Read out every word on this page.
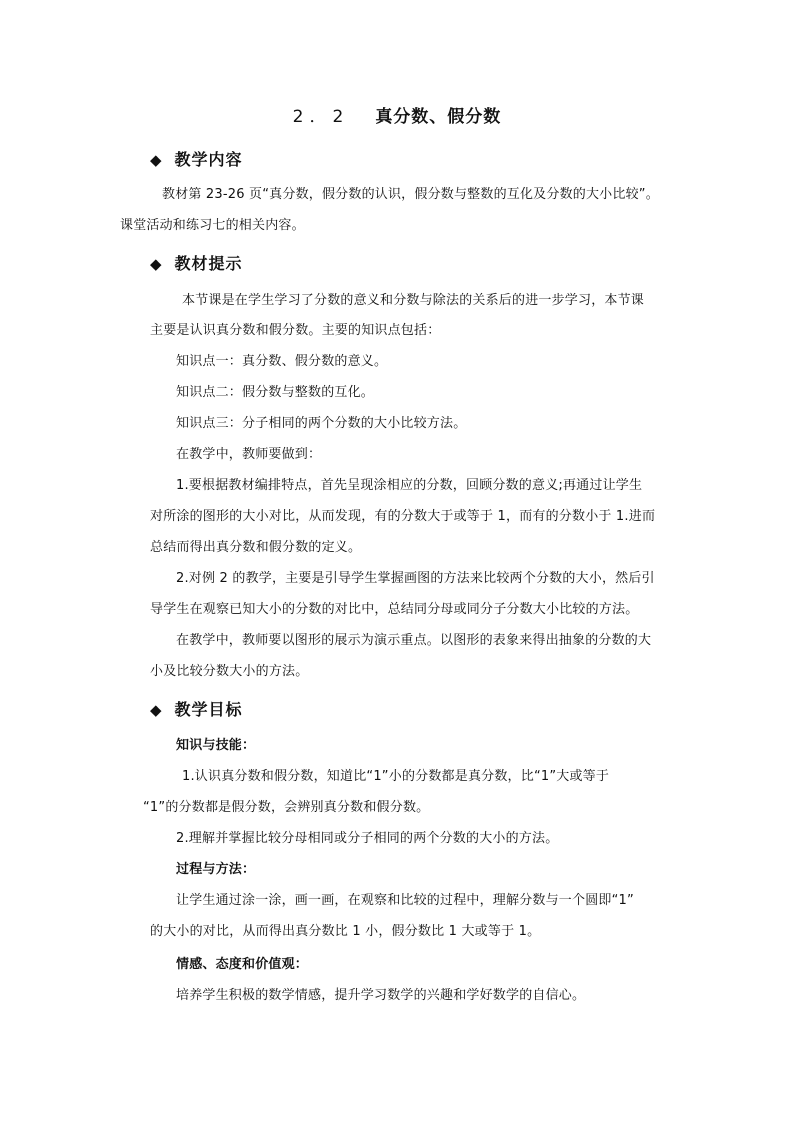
2．2 真分数、假分数
◆ 教学内容
教材第 23-26 页“真分数，假分数的认识，假分数与整数的互化及分数的大小比较”。
课堂活动和练习七的相关内容。
◆ 教材提示
本节课是在学生学习了分数的意义和分数与除法的关系后的进一步学习，本节课
主要是认识真分数和假分数。主要的知识点包括：
知识点一：真分数、假分数的意义。
知识点二：假分数与整数的互化。
知识点三：分子相同的两个分数的大小比较方法。
在教学中，教师要做到：
1.要根据教材编排特点，首先呈现涂相应的分数，回顾分数的意义;再通过让学生
对所涂的图形的大小对比，从而发现，有的分数大于或等于 1，而有的分数小于 1.进而
总结而得出真分数和假分数的定义。
2.对例 2 的教学，主要是引导学生掌握画图的方法来比较两个分数的大小，然后引
导学生在观察已知大小的分数的对比中，总结同分母或同分子分数大小比较的方法。
在教学中，教师要以图形的展示为演示重点。以图形的表象来得出抽象的分数的大
小及比较分数大小的方法。
◆ 教学目标
知识与技能：
1.认识真分数和假分数，知道比“1”小的分数都是真分数，比“1”大或等于
“1”的分数都是假分数，会辨别真分数和假分数。
2.理解并掌握比较分母相同或分子相同的两个分数的大小的方法。
过程与方法：
让学生通过涂一涂，画一画，在观察和比较的过程中，理解分数与一个圆即“1”
的大小的对比，从而得出真分数比 1 小，假分数比 1 大或等于 1。
情感、态度和价值观：
培养学生积极的数学情感，提升学习数学的兴趣和学好数学的自信心。
